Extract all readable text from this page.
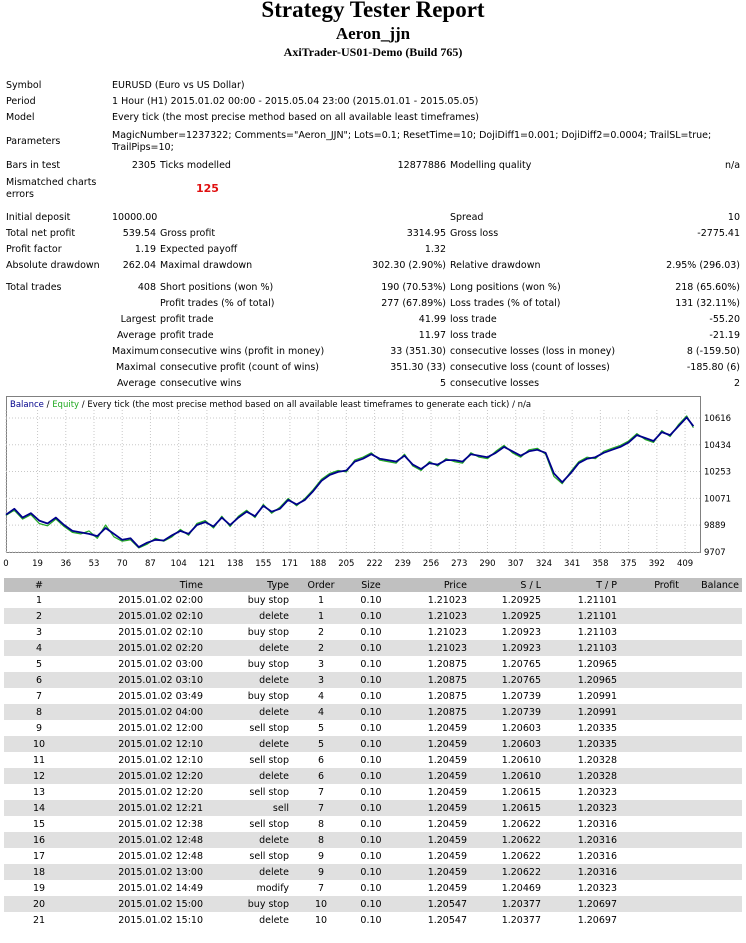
Strategy Tester Report
Aeron_jjn
AxiTrader-US01-Demo (Build 765)
Symbol	EURUSD (Euro vs US Dollar)				
Period	1 Hour (H1) 2015.01.02 00:00 - 2015.05.04 23:00 (2015.01.01 - 2015.05.05)				
Model	Every tick (the most precise method based on all available least timeframes)				
Parameters	MagicNumber=1237322; Comments="Aeron_JJN"; Lots=0.1; ResetTime=10; DojiDiff1=0.001; DojiDiff2=0.0004; TrailSL=true; TrailPips=10;				
Bars in test	2305	Ticks modelled	12877886	Modelling quality	n/a
Mismatched charts errors	125				

Initial deposit	10000.00			Spread	10
Total net profit	539.54	Gross profit	3314.95	Gross loss	-2775.41
Profit factor	1.19	Expected payoff	1.32		
Absolute drawdown	262.04	Maximal drawdown	302.30 (2.90%)	Relative drawdown	2.95% (296.03)

Total trades	408	Short positions (won %)	190 (70.53%)	Long positions (won %)	218 (65.60%)
		Profit trades (% of total)	277 (67.89%)	Loss trades (% of total)	131 (32.11%)
	Largest	profit trade	41.99	loss trade	-55.20
	Average	profit trade	11.97	loss trade	-21.19
	Maximum	consecutive wins (profit in money)	33 (351.30)	consecutive losses (loss in money)	8 (-159.50)
	Maximal	consecutive profit (count of wins)	351.30 (33)	consecutive loss (count of losses)	-185.80 (6)
	Average	consecutive wins	5	consecutive losses	2
10616
10434
10253
10071
9889
9707
0	19 36 53 70 87 104 121 138 155 171 188 205 222 239 256 273 290 307 324 341 358 375 392 409
Balance / Equity / Every tick (the most precise method based on all available least timeframes to generate each tick) / n/a
#	Time	Type	Order	Size	Price	S / L	T / P	Profit	Balance
1	2015.01.02 02:00	buy stop	1	0.10	1.21023	1.20925	1.21101		
2	2015.01.02 02:10	delete	1	0.10	1.21023	1.20925	1.21101		
3	2015.01.02 02:10	buy stop	2	0.10	1.21023	1.20923	1.21103		
4	2015.01.02 02:20	delete	2	0.10	1.21023	1.20923	1.21103		
5	2015.01.02 03:00	buy stop	3	0.10	1.20875	1.20765	1.20965		
6	2015.01.02 03:10	delete	3	0.10	1.20875	1.20765	1.20965		
7	2015.01.02 03:49	buy stop	4	0.10	1.20875	1.20739	1.20991		
8	2015.01.02 04:00	delete	4	0.10	1.20875	1.20739	1.20991		
9	2015.01.02 12:00	sell stop	5	0.10	1.20459	1.20603	1.20335		
10	2015.01.02 12:10	delete	5	0.10	1.20459	1.20603	1.20335		
11	2015.01.02 12:10	sell stop	6	0.10	1.20459	1.20610	1.20328		
12	2015.01.02 12:20	delete	6	0.10	1.20459	1.20610	1.20328		
13	2015.01.02 12:20	sell stop	7	0.10	1.20459	1.20615	1.20323		
14	2015.01.02 12:21	sell	7	0.10	1.20459	1.20615	1.20323		
15	2015.01.02 12:38	sell stop	8	0.10	1.20459	1.20622	1.20316		
16	2015.01.02 12:48	delete	8	0.10	1.20459	1.20622	1.20316		
17	2015.01.02 12:48	sell stop	9	0.10	1.20459	1.20622	1.20316		
18	2015.01.02 13:00	delete	9	0.10	1.20459	1.20622	1.20316		
19	2015.01.02 14:49	modify	7	0.10	1.20459	1.20469	1.20323		
20	2015.01.02 15:00	buy stop	10	0.10	1.20547	1.20377	1.20697		
21	2015.01.02 15:10	delete	10	0.10	1.20547	1.20377	1.20697		
